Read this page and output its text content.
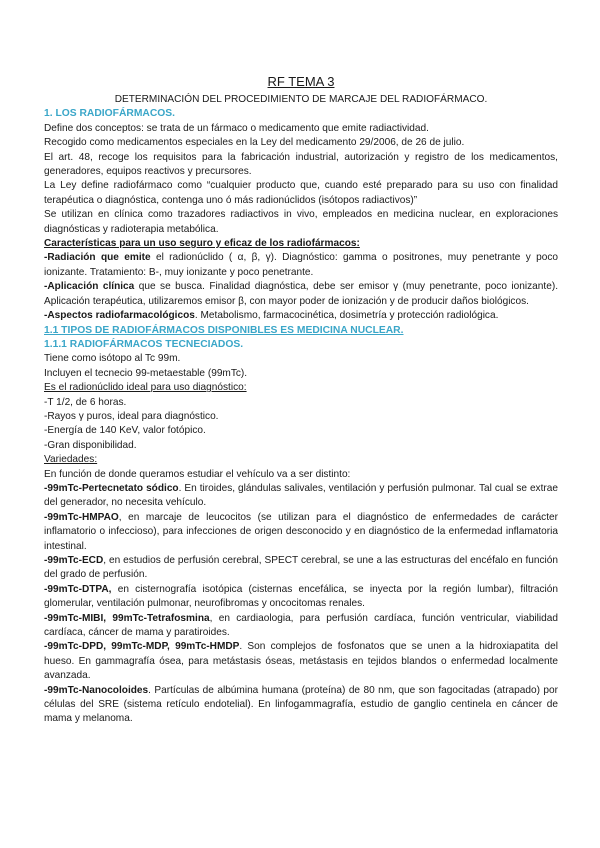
RF TEMA 3
DETERMINACIÓN DEL PROCEDIMIENTO DE MARCAJE DEL RADIOFÁRMACO.
1. LOS RADIOFÁRMACOS.

Define dos conceptos: se trata de un fármaco o medicamento que emite radiactividad.

Recogido como medicamentos especiales en la Ley del medicamento 29/2006, de 26 de julio.

El art. 48, recoge los requisitos para la fabricación industrial, autorización y registro de los medicamentos, generadores, equipos reactivos y precursores.

La Ley define radiofármaco como “cualquier producto que, cuando esté preparado para su uso con finalidad terapéutica o diagnóstica, contenga uno ó más radionúclidos (isótopos radiactivos)”

Se utilizan en clínica como trazadores radiactivos in vivo, empleados en medicina nuclear, en exploraciones diagnósticas y radioterapia metabólica.

Características para un uso seguro y eficaz de los radiofármacos:

-Radiación que emite el radionúclido ( α, β, γ). Diagnóstico: gamma o positrones, muy penetrante y poco ionizante. Tratamiento: B-, muy ionizante y poco penetrante.

-Aplicación clínica que se busca. Finalidad diagnóstica, debe ser emisor γ (muy penetrante, poco ionizante). Aplicación terapéutica, utilizaremos emisor β, con mayor poder de ionización y de producir daños biológicos.

-Aspectos radiofarmacológicos. Metabolismo, farmacocinética, dosimetría y protección radiológica.

1.1 TIPOS DE RADIOFÁRMACOS DISPONIBLES ES MEDICINA NUCLEAR.
1.1.1 RADIOFÁRMACOS TECNECIADOS.

Tiene como isótopo al Tc 99m.

Incluyen el tecnecio 99-metaestable (99mTc).

Es el radionúclido ideal para uso diagnóstico:

-T 1/2, de 6 horas.

-Rayos γ puros, ideal para diagnóstico.

-Energía de 140 KeV, valor fotópico.

-Gran disponibilidad.

Variedades:

En función de donde queramos estudiar el vehículo va a ser distinto:

-99mTc-Pertecnetato sódico. En tiroides, glándulas salivales, ventilación y perfusión pulmonar. Tal cual se extrae del generador, no necesita vehículo.

-99mTc-HMPAO, en marcaje de leucocitos (se utilizan para el diagnóstico de enfermedades de carácter inflamatorio o infeccioso), para infecciones de origen desconocido y en diagnóstico de la enfermedad inflamatoria intestinal.

-99mTc-ECD, en estudios de perfusión cerebral, SPECT cerebral, se une a las estructuras del encéfalo en función del grado de perfusión.

-99mTc-DTPA, en cisternografía isotópica (cisternas encefálica, se inyecta por la región lumbar), filtración glomerular, ventilación pulmonar, neurofibromas y oncocitomas renales.

-99mTc-MIBI, 99mTc-Tetrafosmina, en cardiaologia, para perfusión cardíaca, función ventricular, viabilidad cardíaca, cáncer de mama y paratiroides.

-99mTc-DPD, 99mTc-MDP, 99mTc-HMDP. Son complejos de fosfonatos que se unen a la hidroxiapatita del hueso. En gammagrafía ósea, para metástasis óseas, metástasis en tejidos blandos o enfermedad localmente avanzada.

-99mTc-Nanocoloides. Partículas de albúmina humana (proteína) de 80 nm, que son fagocitadas (atrapado) por células del SRE (sistema retículo endotelial). En linfogammagrafía, estudio de ganglio centinela en cáncer de mama y melanoma.
